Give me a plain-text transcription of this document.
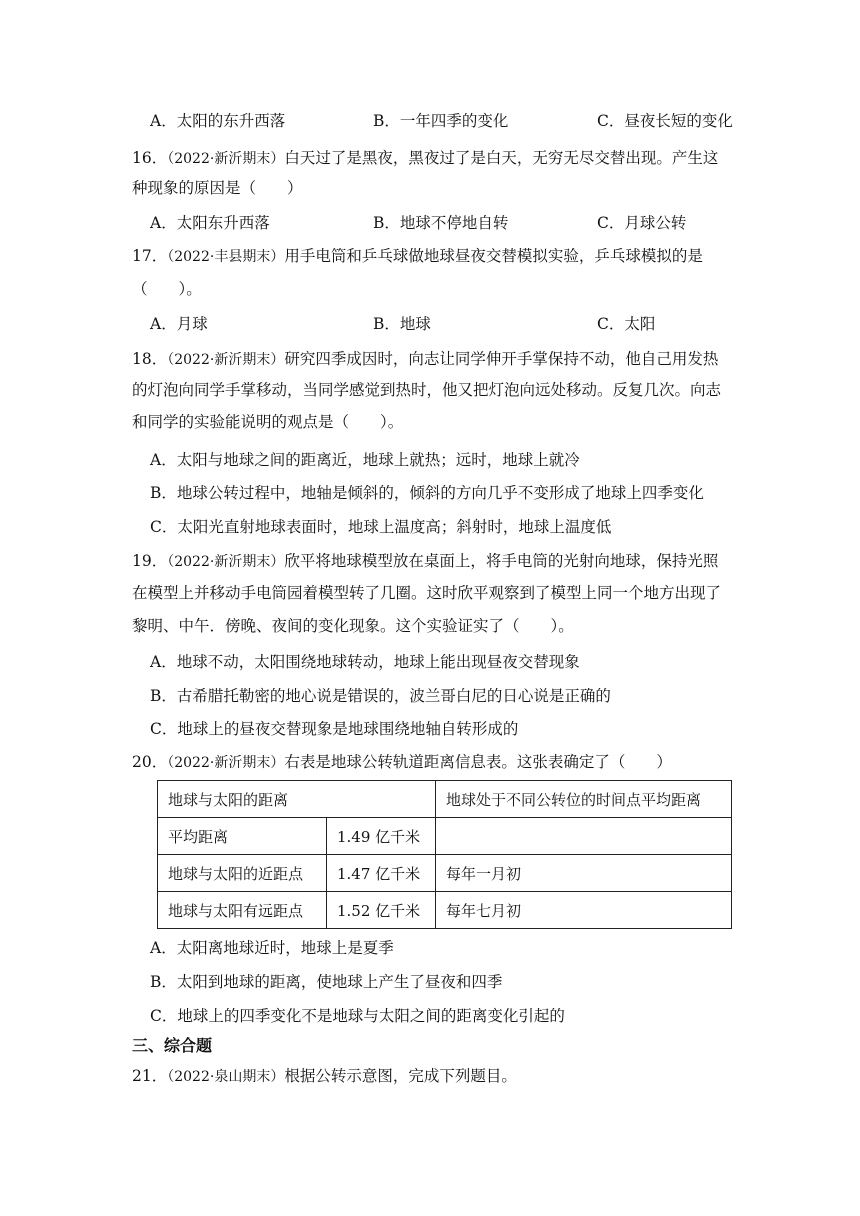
A．太阳的东升西落	B．一年四季的变化	C．昼夜长短的变化
16．（2022·新沂期末）白天过了是黑夜，黑夜过了是白天，无穷无尽交替出现。产生这
种现象的原因是（　　）
A．太阳东升西落	B．地球不停地自转	C．月球公转
17．（2022·丰县期末）用手电筒和乒乓球做地球昼夜交替模拟实验，乒乓球模拟的是
（　　）。
A．月球	B．地球	C．太阳
18．（2022·新沂期末）研究四季成因时，向志让同学伸开手掌保持不动，他自己用发热
的灯泡向同学手掌移动，当同学感觉到热时，他又把灯泡向远处移动。反复几次。向志
和同学的实验能说明的观点是（　　）。
A．太阳与地球之间的距离近，地球上就热；远时，地球上就冷
B．地球公转过程中，地轴是倾斜的，倾斜的方向几乎不变形成了地球上四季变化
C．太阳光直射地球表面时，地球上温度高；斜射时，地球上温度低
19．（2022·新沂期末）欣平将地球模型放在桌面上，将手电筒的光射向地球，保持光照
在模型上并移动手电筒园着模型转了几圈。这时欣平观察到了模型上同一个地方出现了
黎明、中午．傍晚、夜间的变化现象。这个实验证实了（　　）。
A．地球不动，太阳围绕地球转动，地球上能出现昼夜交替现象
B．古希腊托勒密的地心说是错误的，波兰哥白尼的日心说是正确的
C．地球上的昼夜交替现象是地球围绕地轴自转形成的
20．（2022·新沂期末）右表是地球公转轨道距离信息表。这张表确定了（　　）
地球与太阳的距离		地球处于不同公转位的时间点平均距离
平均距离	1.49 亿千米	
地球与太阳的近距点	1.47 亿千米	每年一月初
地球与太阳有远距点	1.52 亿千米	每年七月初
A．太阳离地球近时，地球上是夏季
B．太阳到地球的距离，使地球上产生了昼夜和四季
C．地球上的四季变化不是地球与太阳之间的距离变化引起的
三、综合题
21．（2022·泉山期末）根据公转示意图，完成下列题目。
